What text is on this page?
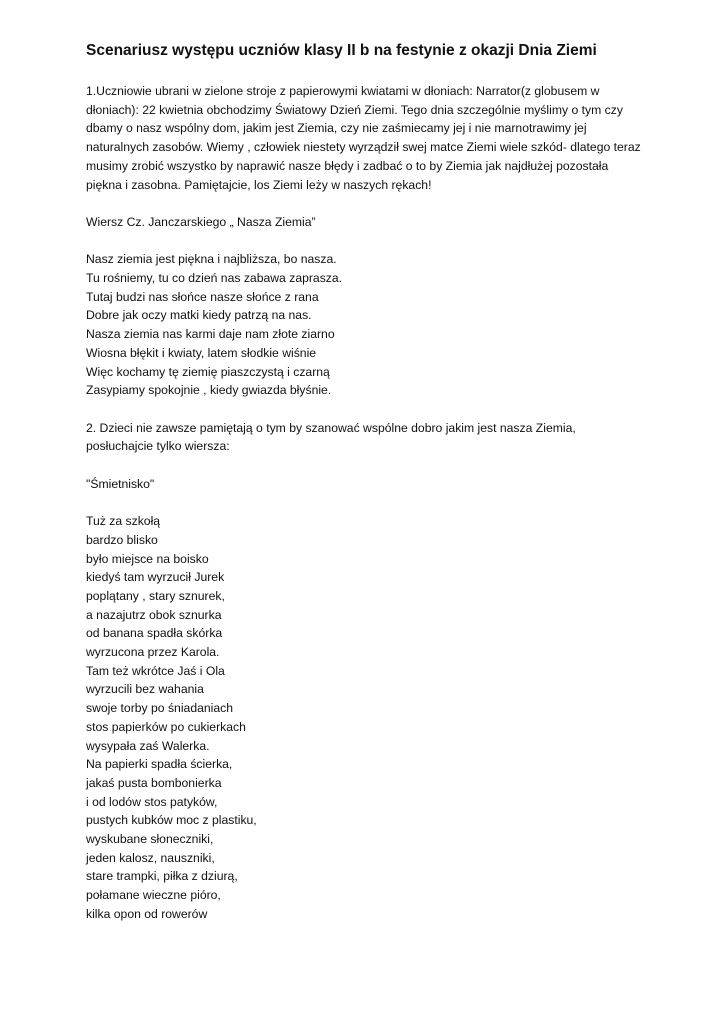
Scenariusz występu uczniów klasy II b na festynie z okazji Dnia Ziemi

1.Uczniowie ubrani w zielone stroje z papierowymi kwiatami w dłoniach: Narrator(z globusem w dłoniach): 22 kwietnia obchodzimy Światowy Dzień Ziemi. Tego dnia szczególnie myślimy o tym czy dbamy o nasz wspólny dom, jakim jest Ziemia, czy nie zaśmiecamy jej i nie marnotrawimy jej naturalnych zasobów. Wiemy , człowiek niestety wyrządził swej matce Ziemi wiele szkód- dlatego teraz musimy zrobić wszystko by naprawić nasze błędy i zadbać o to by Ziemia jak najdłużej pozostała piękna i zasobna. Pamiętajcie, los Ziemi leży w naszych rękach!

Wiersz Cz. Janczarskiego „ Nasza Ziemia”

Nasz ziemia jest piękna i najbliższa, bo nasza.
Tu rośniemy, tu co dzień nas zabawa zaprasza.
Tutaj budzi nas słońce nasze słońce z rana
Dobre jak oczy matki kiedy patrzą na nas.
Nasza ziemia nas karmi daje nam złote ziarno
Wiosna błękit i kwiaty, latem słodkie wiśnie
Więc kochamy tę ziemię piaszczystą i czarną
Zasypiamy spokojnie , kiedy gwiazda błyśnie.

2. Dzieci nie zawsze pamiętają o tym by szanować wspólne dobro jakim jest nasza Ziemia, posłuchajcie tylko wiersza:

"Śmietnisko"

Tuż za szkołą
bardzo blisko
było miejsce na boisko
kiedyś tam wyrzucił Jurek
poplątany , stary sznurek,
a nazajutrz obok sznurka
od banana spadła skórka
wyrzucona przez Karola.
Tam też wkrótce Jaś i Ola
wyrzucili bez wahania
swoje torby po śniadaniach
stos papierków po cukierkach
wysypała zaś Walerka.
Na papierki spadła ścierka,
jakaś pusta bombonierka
i od lodów stos patyków,
pustych kubków moc z plastiku,
wyskubane słoneczniki,
jeden kalosz, nauszniki,
stare trampki, piłka z dziurą,
połamane wieczne pióro,
kilka opon od rowerów
